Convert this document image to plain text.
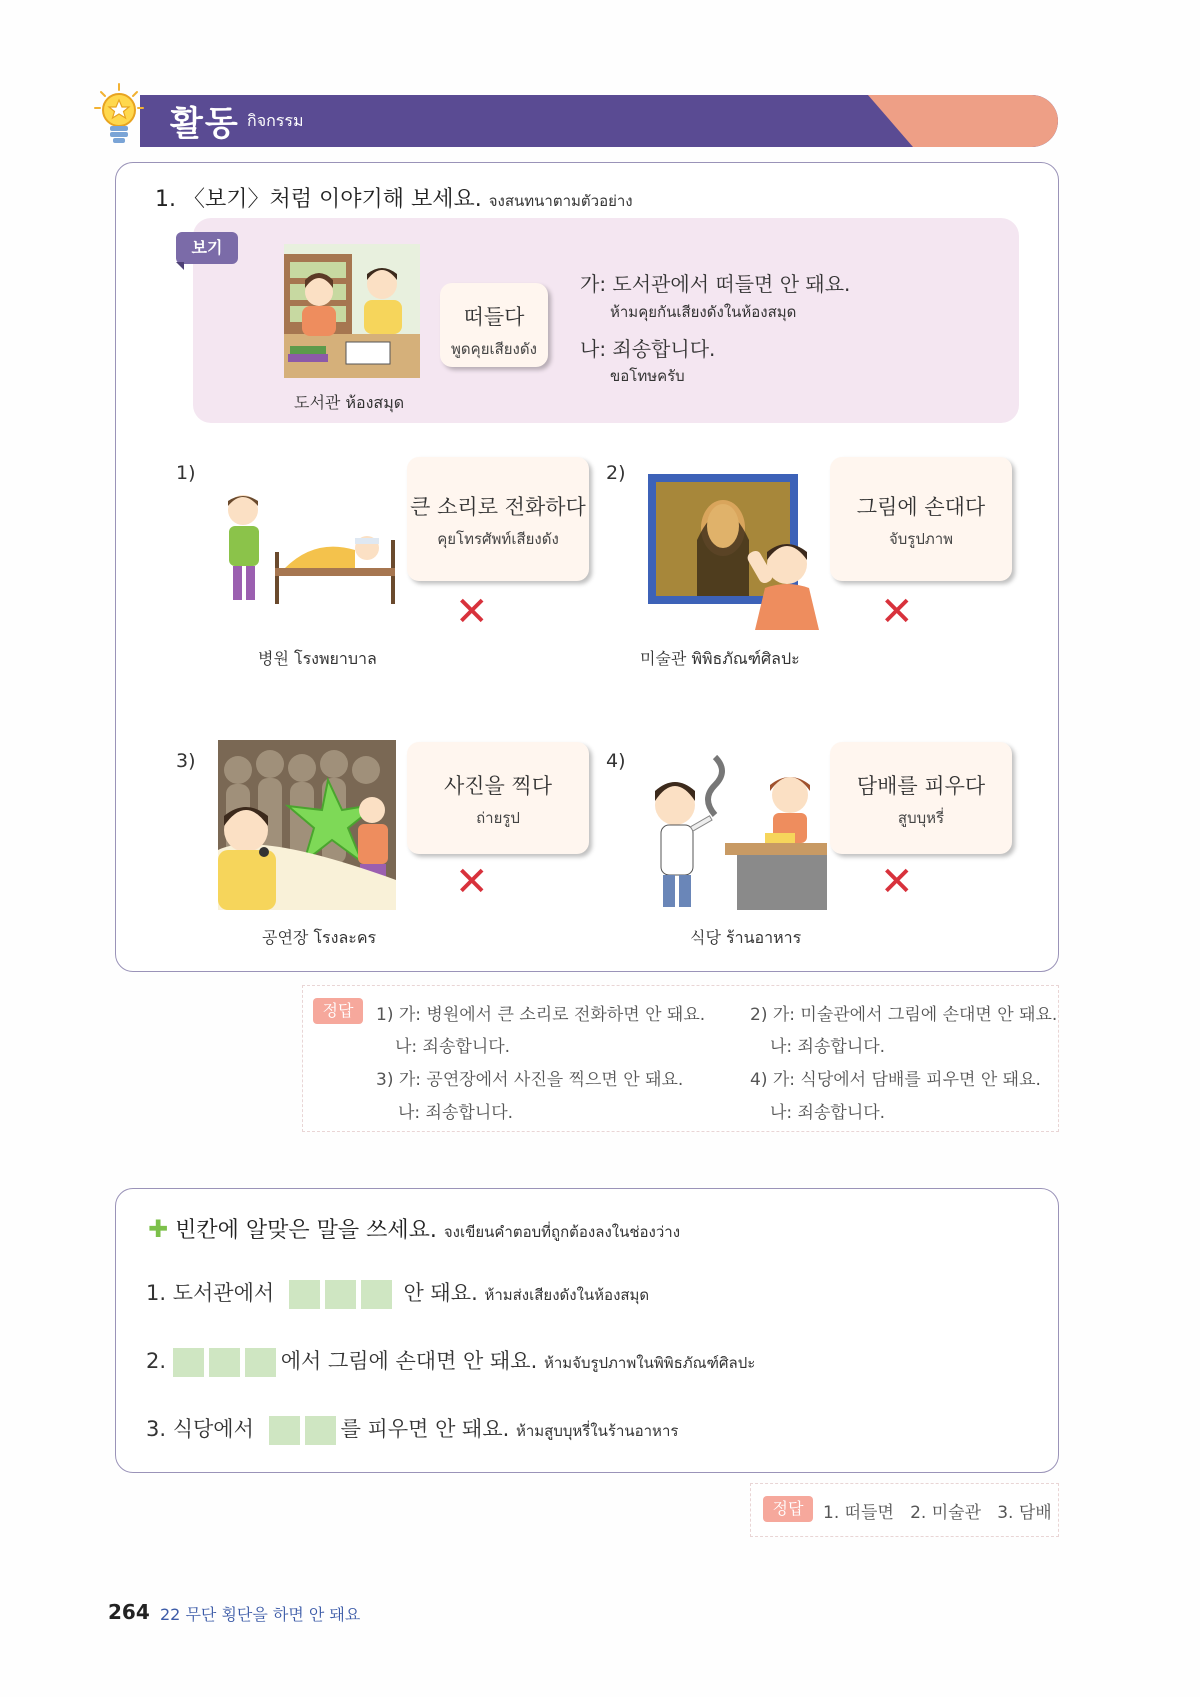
활동 กิจกรรม
1. 〈보기〉처럼 이야기해 보세요. จงสนทนาตามตัวอย่าง
보기
떠들다
พูดคุยเสียงดัง
도서관 ห้องสมุด
가: 도서관에서 떠들면 안 돼요.
ห้ามคุยกันเสียงดังในห้องสมุด
나: 죄송합니다.
ขอโทษครับ
1)
큰 소리로 전화하다
คุยโทรศัพท์เสียงดัง
✕
병원 โรงพยาบาล
2)
그림에 손대다
จับรูปภาพ
✕
미술관 พิพิธภัณฑ์ศิลปะ
3)
사진을 찍다
ถ่ายรูป
✕
공연장 โรงละคร
4)
담배를 피우다
สูบบุหรี่
✕
식당 ร้านอาหาร
정답	1) 가: 병원에서 큰 소리로 전화하면 안 돼요.
나: 죄송합니다.
2) 가: 미술관에서 그림에 손대면 안 돼요.
나: 죄송합니다.
3) 가: 공연장에서 사진을 찍으면 안 돼요.
나: 죄송합니다.
4) 가: 식당에서 담배를 피우면 안 돼요.
나: 죄송합니다.
✚ 빈칸에 알맞은 말을 쓰세요. จงเขียนคำตอบที่ถูกต้องลงในช่องว่าง
1. 도서관에서	안 돼요. ห้ามส่งเสียงดังในห้องสมุด
2.	에서 그림에 손대면 안 돼요. ห้ามจับรูปภาพในพิพิธภัณฑ์ศิลปะ
3. 식당에서	를 피우면 안 돼요. ห้ามสูบบุหรี่ในร้านอาหาร
정답	1. 떠들면   2. 미술관   3. 담배
264 22 무단 횡단을 하면 안 돼요
